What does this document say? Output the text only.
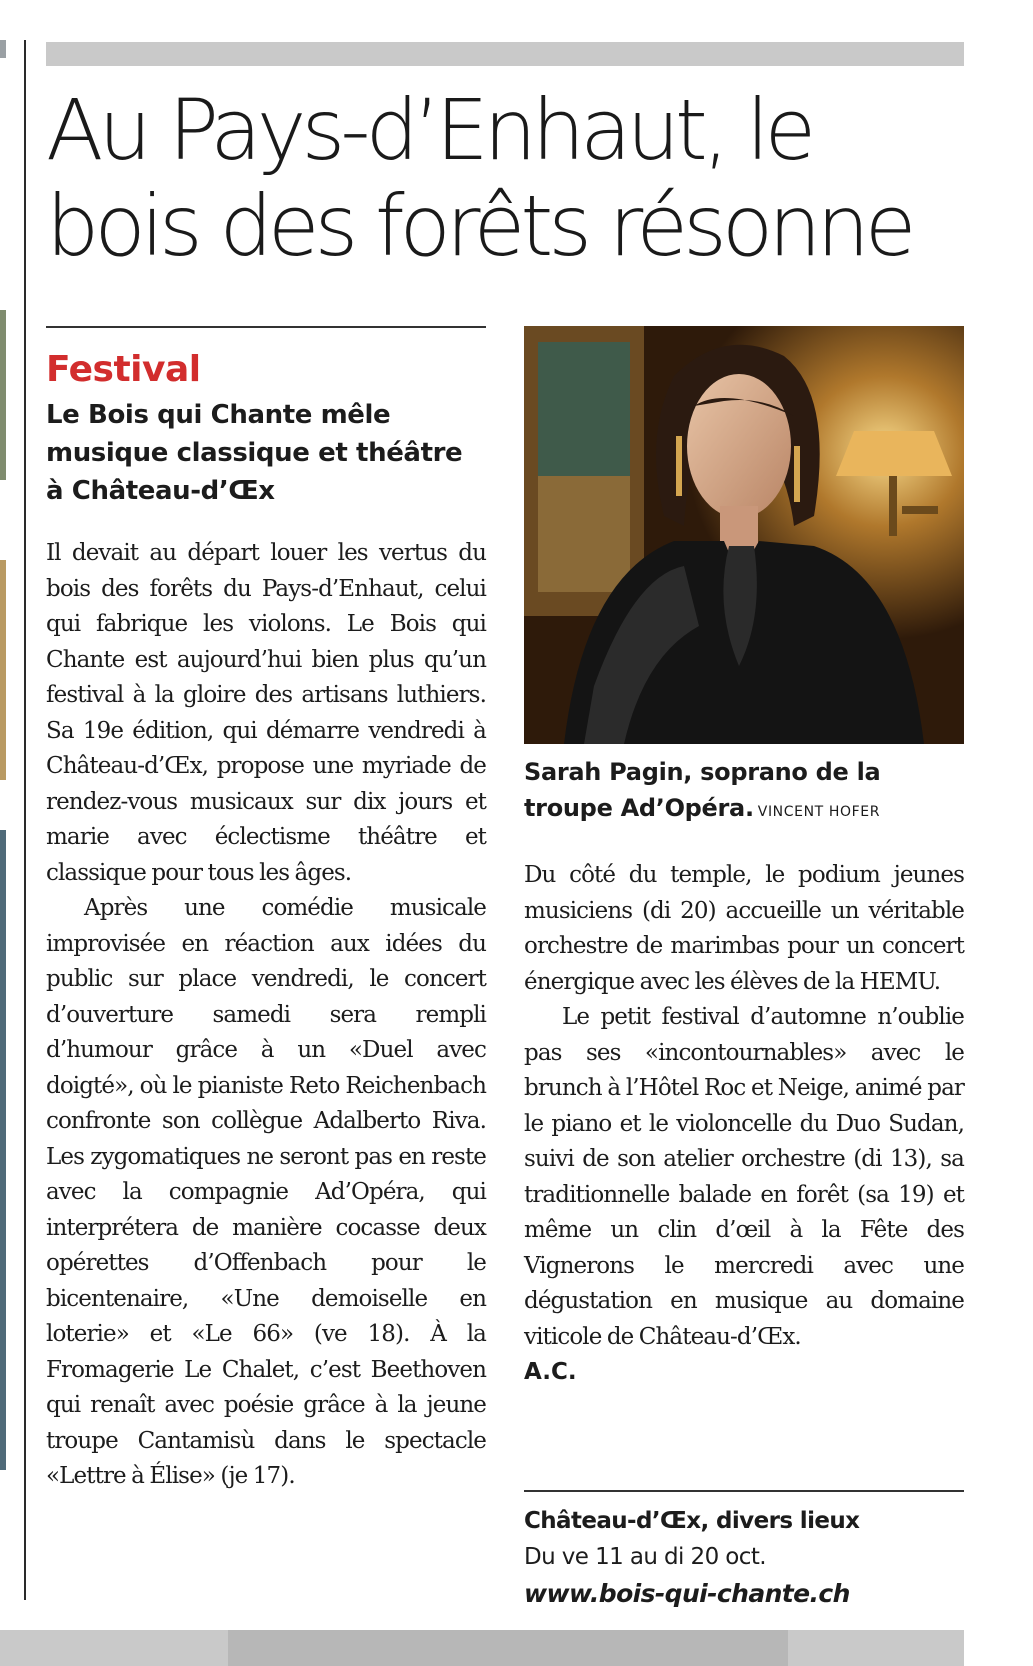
Au Pays-d’Enhaut, le bois des forêts résonne
Festival
Le Bois qui Chante mêle musique classique et théâtre à Château-d’Œx

Il devait au départ louer les vertus du bois des forêts du Pays-d’Enhaut, celui qui fabrique les violons. Le Bois qui Chante est aujourd’hui bien plus qu’un festival à la gloire des artisans luthiers. Sa 19e édition, qui démarre vendredi à Château-d’Œx, propose une myriade de rendez-vous musicaux sur dix jours et marie avec éclectisme théâtre et classique pour tous les âges.

Après une comédie musicale improvisée en réaction aux idées du public sur place vendredi, le concert d’ouverture samedi sera rempli d’humour grâce à un «Duel avec doigté», où le pianiste Reto Reichenbach confronte son collègue Adalberto Riva. Les zygomatiques ne seront pas en reste avec la compagnie Ad’Opéra, qui interprétera de manière cocasse deux opérettes d’Offenbach pour le bicentenaire, «Une demoiselle en loterie» et «Le 66» (ve 18). À la Fromagerie Le Chalet, c’est Beethoven qui renaît avec poésie grâce à la jeune troupe Cantamisù dans le spectacle «Lettre à Élise» (je 17).

Sarah Pagin, soprano de la troupe Ad’Opéra. VINCENT HOFER

Du côté du temple, le podium jeunes musiciens (di 20) accueille un véritable orchestre de marimbas pour un concert énergique avec les élèves de la HEMU.

Le petit festival d’automne n’oublie pas ses «incontournables» avec le brunch à l’Hôtel Roc et Neige, animé par le piano et le violoncelle du Duo Sudan, suivi de son atelier orchestre (di 13), sa traditionnelle balade en forêt (sa 19) et même un clin d’œil à la Fête des Vignerons le mercredi avec une dégustation en musique au domaine viticole de Château-d’Œx.

A.C.

Château-d’Œx, divers lieux

Du ve 11 au di 20 oct.

www.bois-qui-chante.ch
